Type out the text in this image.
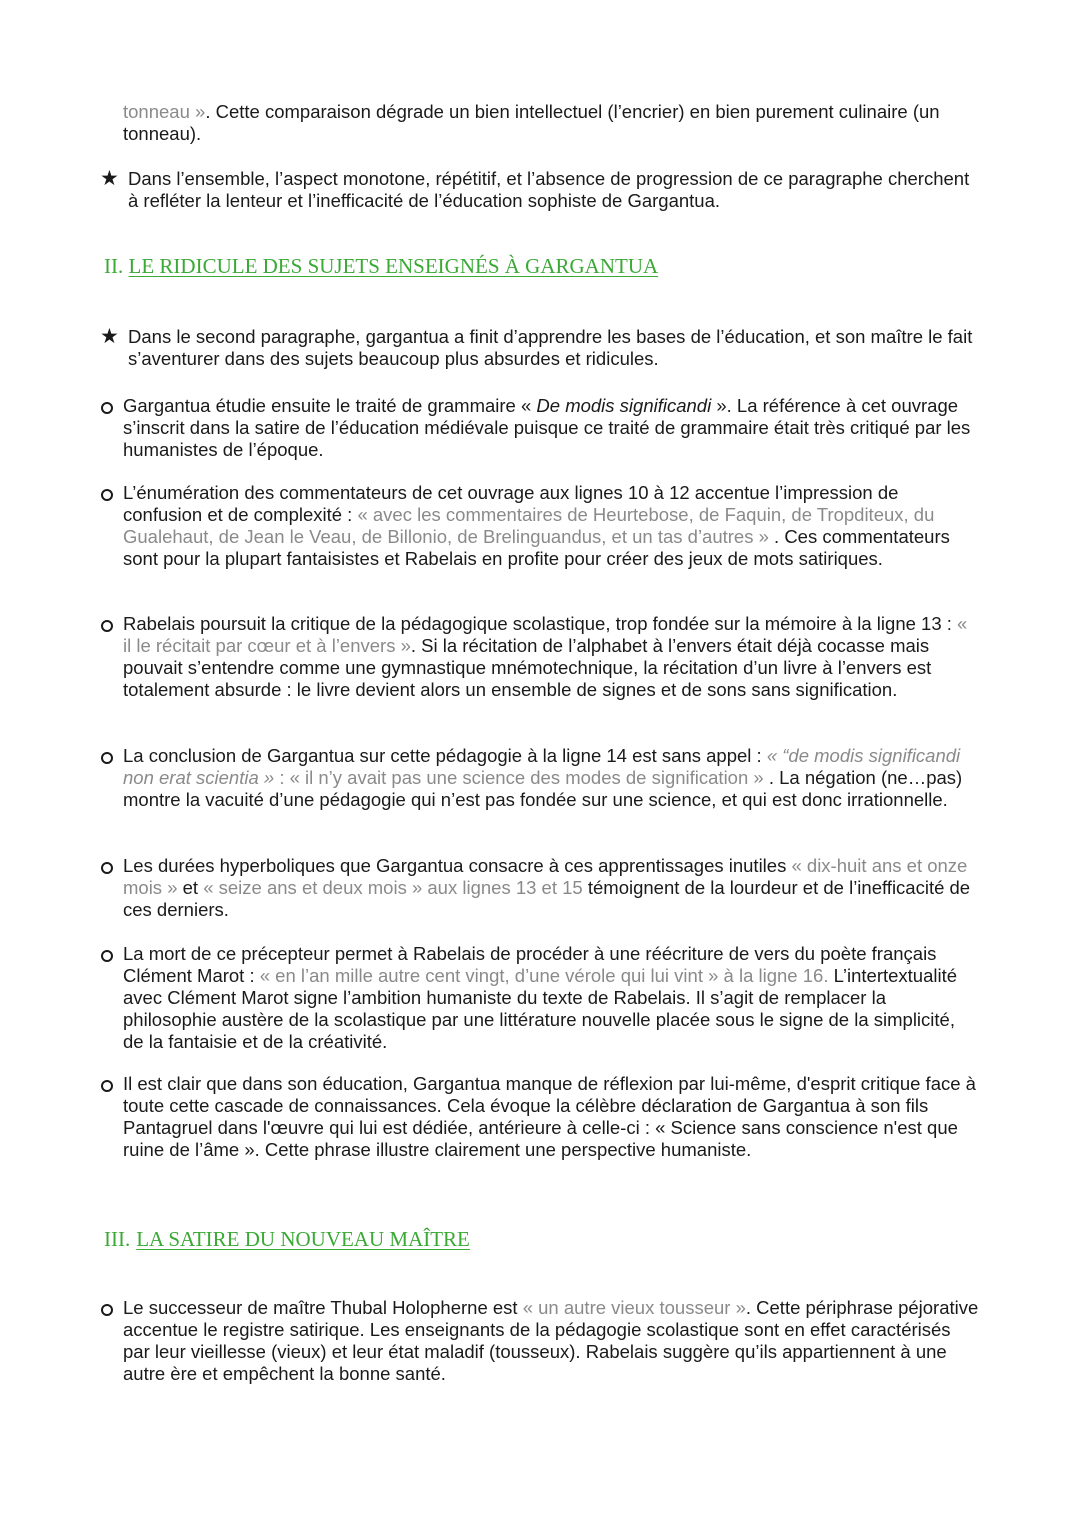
tonneau ». Cette comparaison dégrade un bien intellectuel (l’encrier) en bien purement culinaire (un tonneau).
★ Dans l’ensemble, l’aspect monotone, répétitif, et l’absence de progression de ce paragraphe cherchent à refléter la lenteur et l’inefficacité de l’éducation sophiste de Gargantua.
II. LE RIDICULE DES SUJETS ENSEIGNÉS À GARGANTUA
★ Dans le second paragraphe, gargantua a finit d’apprendre les bases de l’éducation, et son maître le fait s’aventurer dans des sujets beaucoup plus absurdes et ridicules.
Gargantua étudie ensuite le traité de grammaire « De modis significandi ». La référence à cet ouvrage s’inscrit dans la satire de l’éducation médiévale puisque ce traité de grammaire était très critiqué par les humanistes de l’époque.
L’énumération des commentateurs de cet ouvrage aux lignes 10 à 12 accentue l’impression de confusion et de complexité : « avec les commentaires de Heurtebose, de Faquin, de Tropditeux, du Gualehaut, de Jean le Veau, de Billonio, de Brelinguandus, et un tas d’autres » . Ces commentateurs sont pour la plupart fantaisistes et Rabelais en profite pour créer des jeux de mots satiriques.
Rabelais poursuit la critique de la pédagogique scolastique, trop fondée sur la mémoire à la ligne 13 : « il le récitait par cœur et à l’envers ». Si la récitation de l’alphabet à l’envers était déjà cocasse mais pouvait s’entendre comme une gymnastique mnémotechnique, la récitation d’un livre à l’envers est totalement absurde : le livre devient alors un ensemble de signes et de sons sans signification.
La conclusion de Gargantua sur cette pédagogie à la ligne 14 est sans appel : « “de modis significandi non erat scientia » : « il n’y avait pas une science des modes de signification » . La négation (ne…pas) montre la vacuité d’une pédagogie qui n’est pas fondée sur une science, et qui est donc irrationnelle.
Les durées hyperboliques que Gargantua consacre à ces apprentissages inutiles « dix-huit ans et onze mois » et « seize ans et deux mois » aux lignes 13 et 15 témoignent de la lourdeur et de l’inefficacité de ces derniers.
La mort de ce précepteur permet à Rabelais de procéder à une réécriture de vers du poète français Clément Marot : « en l’an mille autre cent vingt, d’une vérole qui lui vint » à la ligne 16. L’intertextualité avec Clément Marot signe l’ambition humaniste du texte de Rabelais. Il s’agit de remplacer la philosophie austère de la scolastique par une littérature nouvelle placée sous le signe de la simplicité, de la fantaisie et de la créativité.
Il est clair que dans son éducation, Gargantua manque de réflexion par lui-même, d'esprit critique face à toute cette cascade de connaissances. Cela évoque la célèbre déclaration de Gargantua à son fils Pantagruel dans l'œuvre qui lui est dédiée, antérieure à celle-ci : « Science sans conscience n'est que ruine de l’âme ». Cette phrase illustre clairement une perspective humaniste.
III. LA SATIRE DU NOUVEAU MAÎTRE
Le successeur de maître Thubal Holopherne est « un autre vieux tousseur ». Cette périphrase péjorative accentue le registre satirique. Les enseignants de la pédagogie scolastique sont en effet caractérisés par leur vieillesse (vieux) et leur état maladif (tousseux). Rabelais suggère qu’ils appartiennent à une autre ère et empêchent la bonne santé.
